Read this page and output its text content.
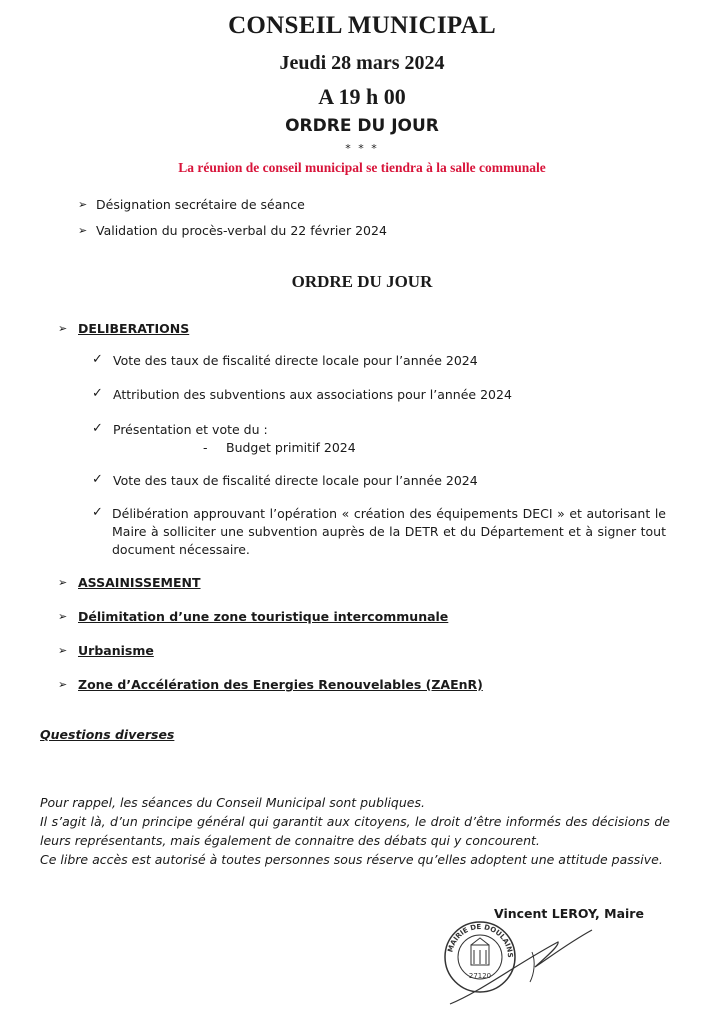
CONSEIL MUNICIPAL
Jeudi 28 mars 2024
A 19 h 00
ORDRE DU JOUR
* * *
La réunion de conseil municipal se tiendra à la salle communale
➢ Désignation secrétaire de séance
➢ Validation du procès-verbal du 22 février 2024
ORDRE DU JOUR
➢ DELIBERATIONS
✓ Vote des taux de fiscalité directe locale pour l’année 2024
✓ Attribution des subventions aux associations pour l’année 2024
✓ Présentation et vote du :
- Budget primitif 2024
✓ Vote des taux de fiscalité directe locale pour l’année 2024
✓ Délibération approuvant l’opération « création des équipements DECI » et autorisant le Maire à solliciter une subvention auprès de la DETR et du Département et à signer tout document nécessaire.
➢ ASSAINISSEMENT
➢ Délimitation d’une zone touristique intercommunale
➢ Urbanisme
➢ Zone d’Accélération des Energies Renouvelables (ZAEnR)
Questions diverses
Pour rappel, les séances du Conseil Municipal sont publiques.
Il s’agit là, d’un principe général qui garantit aux citoyens, le droit d’être informés des décisions de leurs représentants, mais également de connaitre des débats qui y concourent.
Ce libre accès est autorisé à toutes personnes sous réserve qu’elles adoptent une attitude passive.
Vincent LEROY, Maire
MAIRIE DE DOULAINS
27120
